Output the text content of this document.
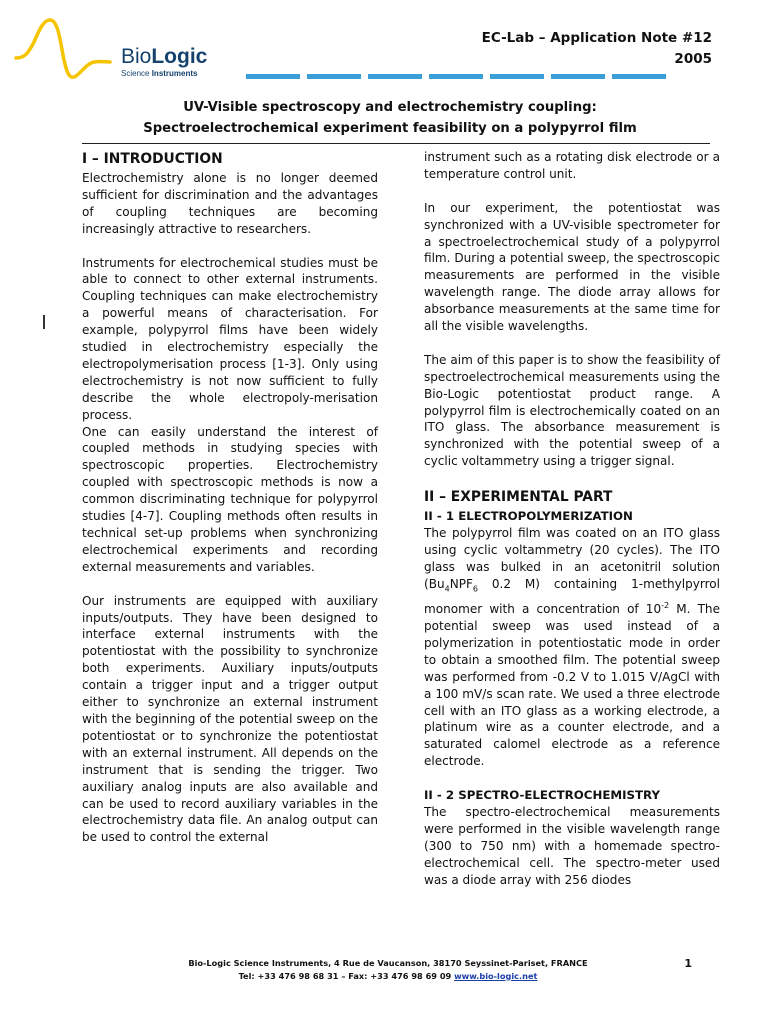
BioLogic
Science Instruments
EC-Lab – Application Note #12
2005
UV-Visible spectroscopy and electrochemistry coupling:
Spectroelectrochemical experiment feasibility on a polypyrrol film
I – INTRODUCTION

Electrochemistry alone is no longer deemed sufficient for discrimination and the advantages of coupling techniques are becoming increasingly attractive to researchers.

Instruments for electrochemical studies must be able to connect to other external instruments. Coupling techniques can make electrochemistry a powerful means of characterisation. For example, polypyrrol films have been widely studied in electrochemistry especially the electropolymerisation process [1-3]. Only using electrochemistry is not now sufficient to fully describe the whole electropoly-merisation process.

One can easily understand the interest of coupled methods in studying species with spectroscopic properties. Electrochemistry coupled with spectroscopic methods is now a common discriminating technique for polypyrrol studies [4-7]. Coupling methods often results in technical set-up problems when synchronizing electrochemical experiments and recording external measurements and variables.

Our instruments are equipped with auxiliary inputs/outputs. They have been designed to interface external instruments with the potentiostat with the possibility to synchronize both experiments. Auxiliary inputs/outputs contain a trigger input and a trigger output either to synchronize an external instrument with the beginning of the potential sweep on the potentiostat or to synchronize the potentiostat with an external instrument. All depends on the instrument that is sending the trigger. Two auxiliary analog inputs are also available and can be used to record auxiliary variables in the electrochemistry data file. An analog output can be used to control the external

instrument such as a rotating disk electrode or a temperature control unit.

In our experiment, the potentiostat was synchronized with a UV-visible spectrometer for a spectroelectrochemical study of a polypyrrol film. During a potential sweep, the spectroscopic measurements are performed in the visible wavelength range. The diode array allows for absorbance measurements at the same time for all the visible wavelengths.

The aim of this paper is to show the feasibility of spectroelectrochemical measurements using the Bio-Logic potentiostat product range. A polypyrrol film is electrochemically coated on an ITO glass. The absorbance measurement is synchronized with the potential sweep of a cyclic voltammetry using a trigger signal.

II – EXPERIMENTAL PART
II - 1 ELECTROPOLYMERIZATION

The polypyrrol film was coated on an ITO glass using cyclic voltammetry (20 cycles). The ITO glass was bulked in an acetonitril solution ($Bu_4NPF_6$ 0.2 M) containing 1-methylpyrrol monomer with a concentration of $10^{-2}$ M. The potential sweep was used instead of a polymerization in potentiostatic mode in order to obtain a smoothed film. The potential sweep was performed from -0.2 V to 1.015 V/AgCl with a 100 mV/s scan rate. We used a three electrode cell with an ITO glass as a working electrode, a platinum wire as a counter electrode, and a saturated calomel electrode as a reference electrode.

II - 2 SPECTRO-ELECTROCHEMISTRY

The spectro-electrochemical measurements were performed in the visible wavelength range (300 to 750 nm) with a homemade spectro-electrochemical cell. The spectro-meter used was a diode array with 256 diodes

Bio-Logic Science Instruments, 4 Rue de Vaucanson, 38170 Seyssinet-Pariset, FRANCE
Tel: +33 476 98 68 31 – Fax: +33 476 98 69 09 www.bio-logic.net
1
